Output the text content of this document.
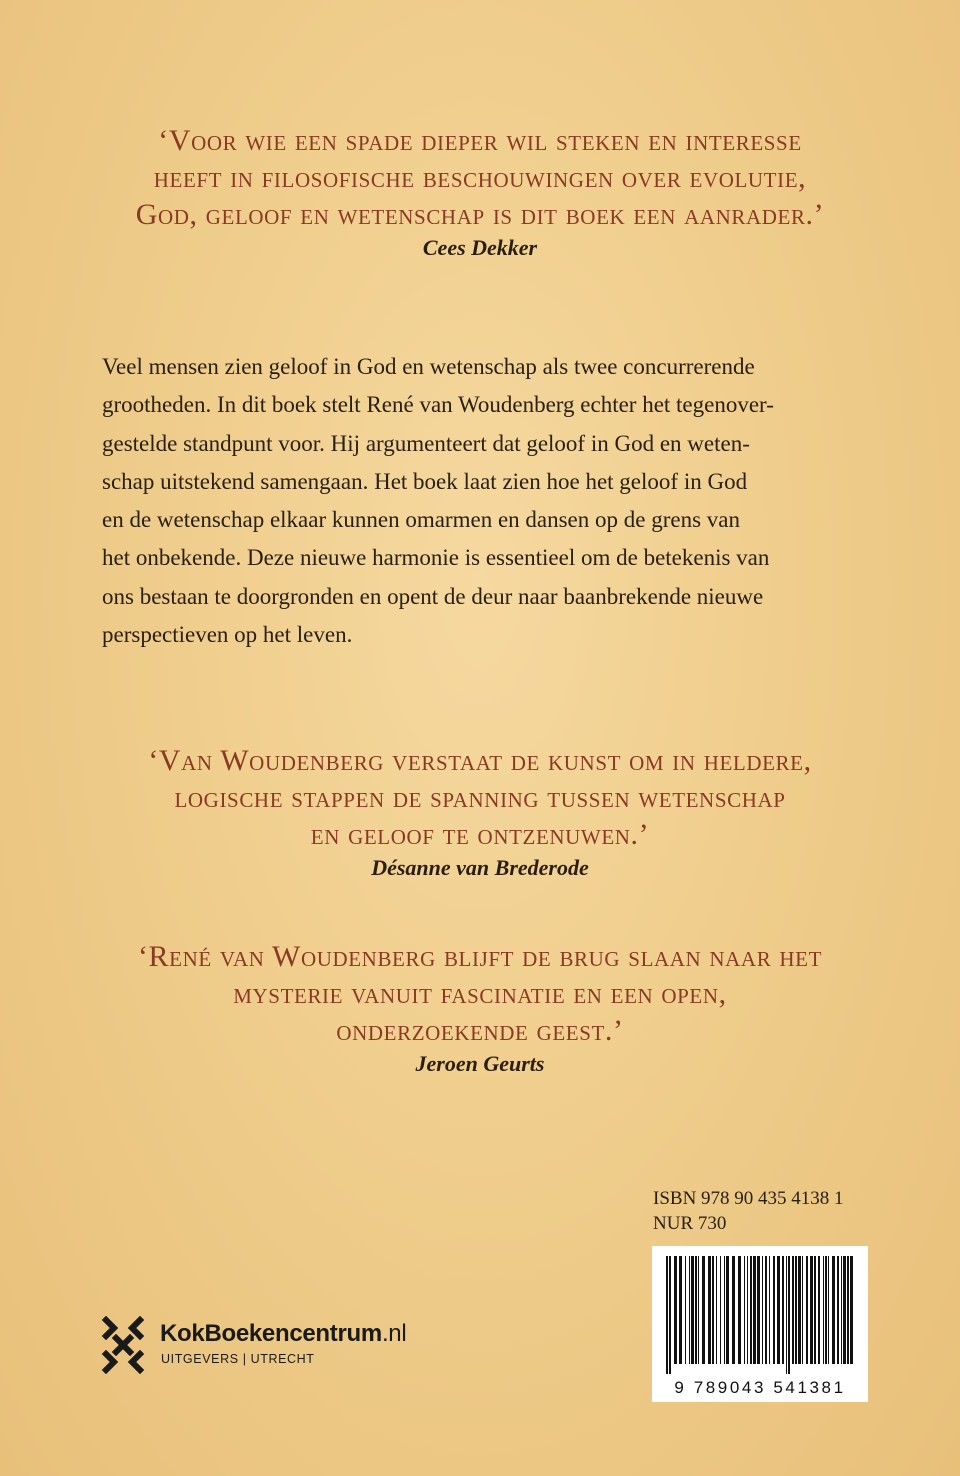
‘Voor wie een spade dieper wil steken en interesse
heeft in filosofische beschouwingen over evolutie,
God, geloof en wetenschap is dit boek een aanrader.’
Cees Dekker
Veel mensen zien geloof in God en wetenschap als twee concurrerende
grootheden. In dit boek stelt René van Woudenberg echter het tegenover-
gestelde standpunt voor. Hij argumenteert dat geloof in God en weten-
schap uitstekend samengaan. Het boek laat zien hoe het geloof in God
en de wetenschap elkaar kunnen omarmen en dansen op de grens van
het onbekende. Deze nieuwe harmonie is essentieel om de betekenis van
ons bestaan te doorgronden en opent de deur naar baanbrekende nieuwe
perspectieven op het leven.
‘Van Woudenberg verstaat de kunst om in heldere,
logische stappen de spanning tussen wetenschap
en geloof te ontzenuwen.’
Désanne van Brederode
‘René van Woudenberg blijft de brug slaan naar het
mysterie vanuit fascinatie en een open,
onderzoekende geest.’
Jeroen Geurts
ISBN 978 90 435 4138 1
NUR 730
9 789043 541381
KokBoekencentrum.nl
UITGEVERS | UTRECHT
